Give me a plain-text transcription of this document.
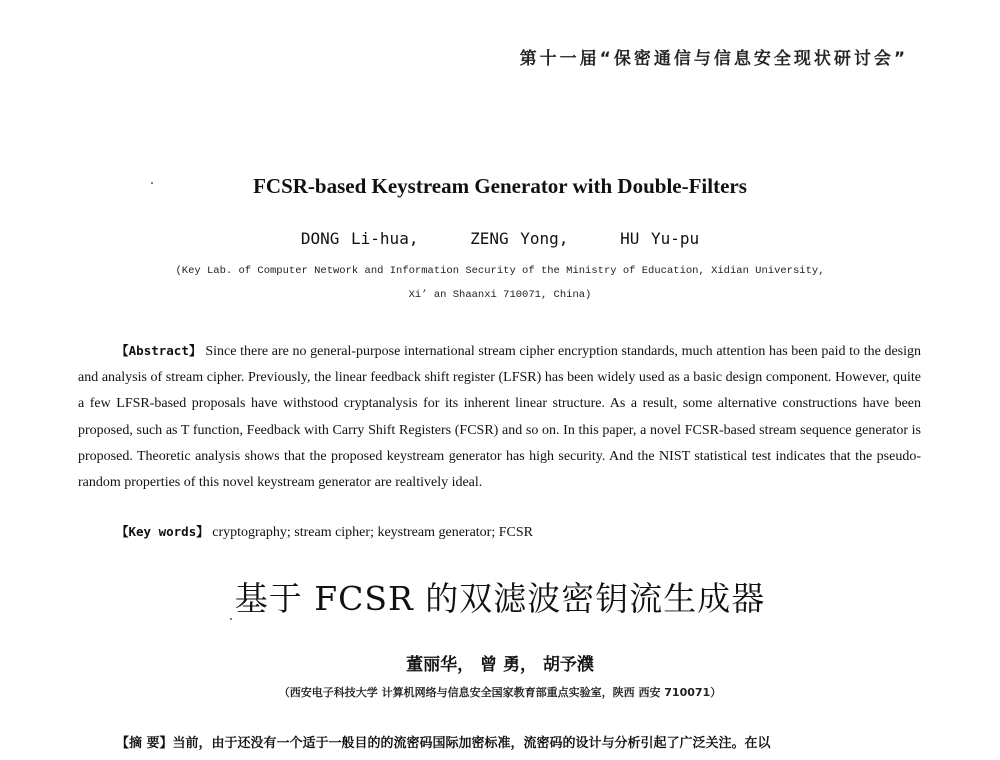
第十一届“保密通信与信息安全现状研讨会”
FCSR-based Keystream Generator with Double-Filters
DONG Li-hua,	ZENG Yong,	HU Yu-pu
(Key Lab. of Computer Network and Information Security of the Ministry of Education, Xidian University,
Xi’ an Shaanxi 710071, China)

【Abstract】 Since there are no general-purpose international stream cipher encryption standards, much attention has been paid to the design and analysis of stream cipher. Previously, the linear feedback shift register (LFSR) has been widely used as a basic design component. However, quite a few LFSR-based proposals have withstood cryptanalysis for its inherent linear structure. As a result, some alternative constructions have been proposed, such as T function, Feedback with Carry Shift Registers (FCSR) and so on. In this paper, a novel FCSR-based stream sequence generator is proposed. Theoretic analysis shows that the proposed keystream generator has high security. And the NIST statistical test indicates that the pseudo-random properties of this novel keystream generator are realtively ideal.

【Key words】 cryptography; stream cipher; keystream generator; FCSR
基于 FCSR 的双滤波密钥流生成器
董丽华， 曾 勇， 胡予濮
（西安电子科技大学 计算机网络与信息安全国家教育部重点实验室，陕西 西安 710071）
【摘 要】当前，由于还没有一个适于一般目的的流密码国际加密标准，流密码的设计与分析引起了广泛关注。在以
